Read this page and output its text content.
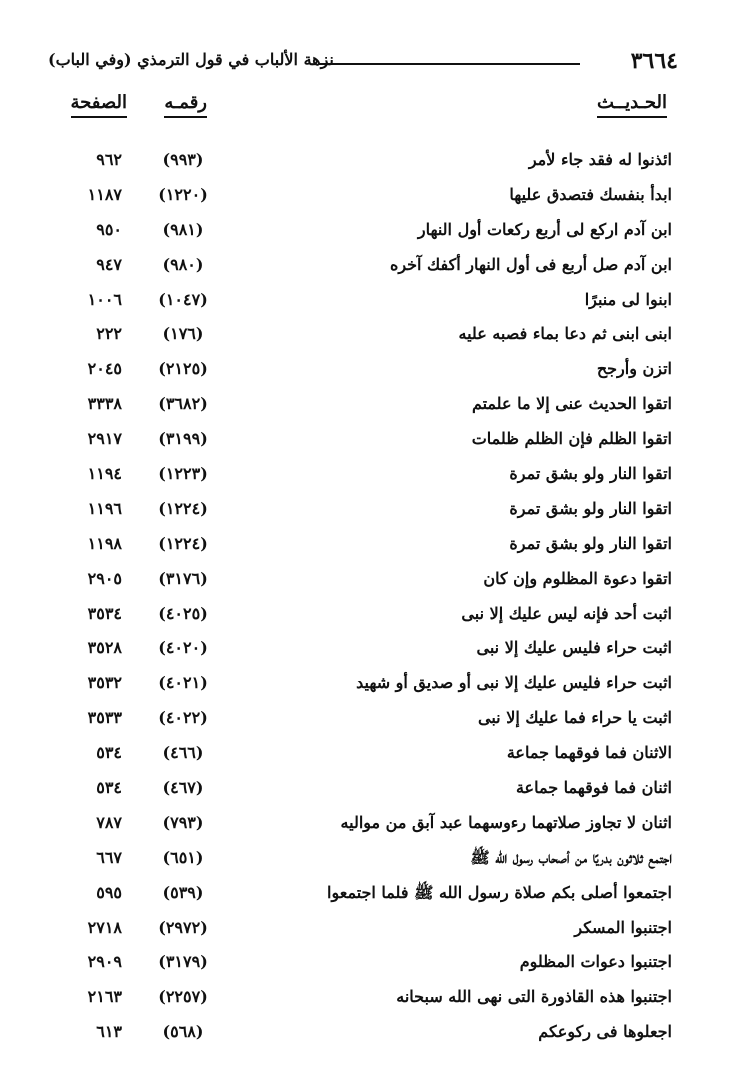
٣٦٦٤
نزهة الألباب في قول الترمذي (وفي الباب)
الحـديــث
رقمـه
الصفحة
ائذنوا له فقد جاء لأمر
(٩٩٣)
٩٦٢
ابدأ بنفسك فتصدق عليها
(١٢٢٠)
١١٨٧
ابن آدم اركع لى أربع ركعات أول النهار
(٩٨١)
٩٥٠
ابن آدم صل أربع فى أول النهار أكفك آخره
(٩٨٠)
٩٤٧
ابنوا لى منبرًا
(١٠٤٧)
١٠٠٦
ابنى ابنى ثم دعا بماء فصبه عليه
(١٧٦)
٢٢٢
اتزن وأرجح
(٢١٢٥)
٢٠٤٥
اتقوا الحديث عنى إلا ما علمتم
(٣٦٨٢)
٣٣٣٨
اتقوا الظلم فإن الظلم ظلمات
(٣١٩٩)
٢٩١٧
اتقوا النار ولو بشق تمرة
(١٢٢٣)
١١٩٤
اتقوا النار ولو بشق تمرة
(١٢٢٤)
١١٩٦
اتقوا النار ولو بشق تمرة
(١٢٢٤)
١١٩٨
اتقوا دعوة المظلوم وإن كان
(٣١٧٦)
٢٩٠٥
اثبت أحد فإنه ليس عليك إلا نبى
(٤٠٢٥)
٣٥٣٤
اثبت حراء فليس عليك إلا نبى
(٤٠٢٠)
٣٥٢٨
اثبت حراء فليس عليك إلا نبى أو صديق أو شهيد
(٤٠٢١)
٣٥٣٢
اثبت يا حراء فما عليك إلا نبى
(٤٠٢٢)
٣٥٣٣
الاثنان فما فوقهما جماعة
(٤٦٦)
٥٣٤
اثنان فما فوقهما جماعة
(٤٦٧)
٥٣٤
اثنان لا تجاوز صلاتهما رءوسهما عبد آبق من مواليه
(٧٩٣)
٧٨٧
اجتمع ثلاثون بدريًا من أصحاب رسول الله ﷺ
(٦٥١)
٦٦٧
اجتمعوا أصلى بكم صلاة رسول الله ﷺ فلما اجتمعوا
(٥٣٩)
٥٩٥
اجتنبوا المسكر
(٢٩٧٢)
٢٧١٨
اجتنبوا دعوات المظلوم
(٣١٧٩)
٢٩٠٩
اجتنبوا هذه القاذورة التى نهى الله سبحانه
(٢٢٥٧)
٢١٦٣
اجعلوها فى ركوعكم
(٥٦٨)
٦١٣
